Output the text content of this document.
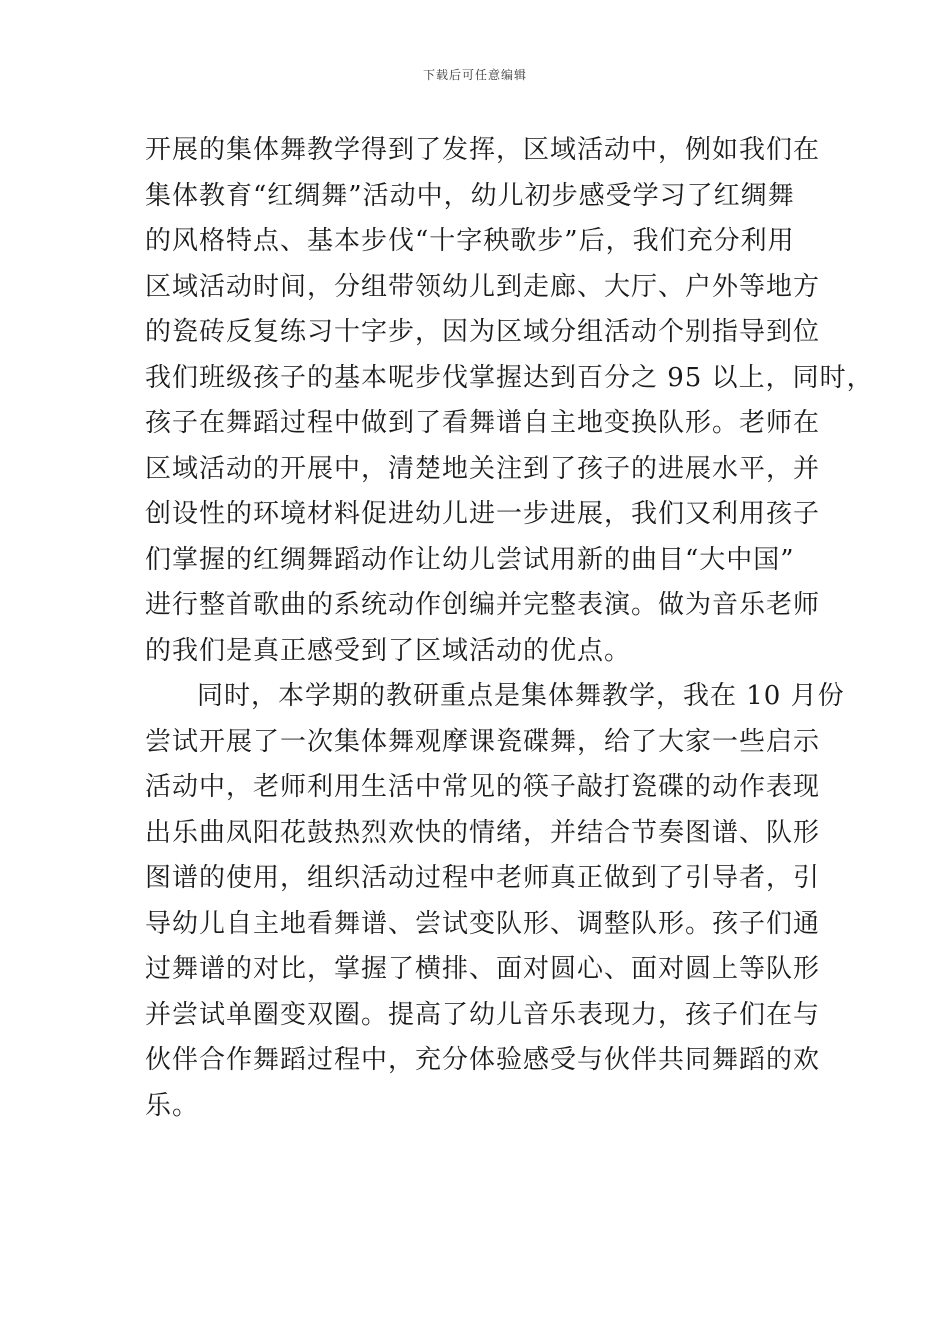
下载后可任意编辑
开展的集体舞教学得到了发挥，区域活动中，例如我们在
集体教育“红绸舞”活动中，幼儿初步感受学习了红绸舞
的风格特点、基本步伐“十字秧歌步”后，我们充分利用
区域活动时间，分组带领幼儿到走廊、大厅、户外等地方
的瓷砖反复练习十字步，因为区域分组活动个别指导到位
我们班级孩子的基本呢步伐掌握达到百分之 95 以上，同时，
孩子在舞蹈过程中做到了看舞谱自主地变换队形。老师在
区域活动的开展中，清楚地关注到了孩子的进展水平，并
创设性的环境材料促进幼儿进一步进展，我们又利用孩子
们掌握的红绸舞蹈动作让幼儿尝试用新的曲目“大中国”
进行整首歌曲的系统动作创编并完整表演。做为音乐老师
的我们是真正感受到了区域活动的优点。
同时，本学期的教研重点是集体舞教学，我在 10 月份
尝试开展了一次集体舞观摩课瓷碟舞，给了大家一些启示
活动中，老师利用生活中常见的筷子敲打瓷碟的动作表现
出乐曲凤阳花鼓热烈欢快的情绪，并结合节奏图谱、队形
图谱的使用，组织活动过程中老师真正做到了引导者，引
导幼儿自主地看舞谱、尝试变队形、调整队形。孩子们通
过舞谱的对比，掌握了横排、面对圆心、面对圆上等队形
并尝试单圈变双圈。提高了幼儿音乐表现力，孩子们在与
伙伴合作舞蹈过程中，充分体验感受与伙伴共同舞蹈的欢
乐。
